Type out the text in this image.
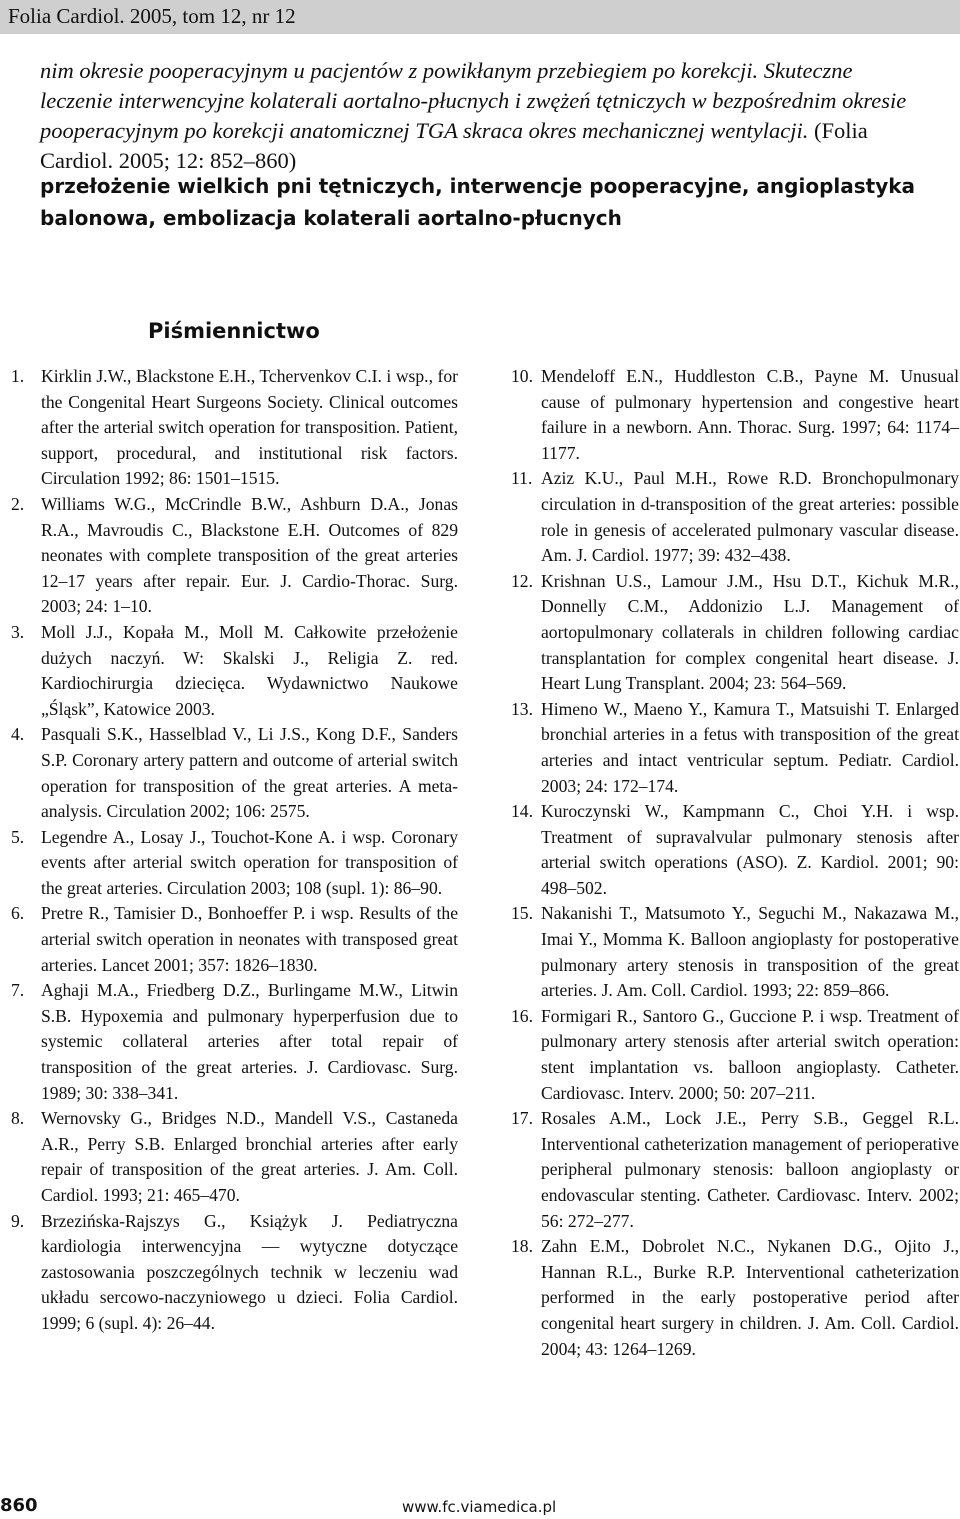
Folia Cardiol. 2005, tom 12, nr 12
nim okresie pooperacyjnym u pacjentów z powikłanym przebiegiem po korekcji. Skuteczne leczenie interwencyjne kolaterali aortalno-płucnych i zwężeń tętniczych w bezpośrednim okresie pooperacyjnym po korekcji anatomicznej TGA skraca okres mechanicznej wentylacji. (Folia Cardiol. 2005; 12: 852–860)
przełożenie wielkich pni tętniczych, interwencje pooperacyjne, angioplastyka balonowa, embolizacja kolaterali aortalno-płucnych
Piśmiennictwo
1. Kirklin J.W., Blackstone E.H., Tchervenkov C.I. i wsp., for the Congenital Heart Surgeons Society. Clinical outcomes after the arterial switch operation for transposition. Patient, support, procedural, and institutional risk factors. Circulation 1992; 86: 1501–1515.
2. Williams W.G., McCrindle B.W., Ashburn D.A., Jonas R.A., Mavroudis C., Blackstone E.H. Outcomes of 829 neonates with complete transposition of the great arteries 12–17 years after repair. Eur. J. Cardio-Thorac. Surg. 2003; 24: 1–10.
3. Moll J.J., Kopała M., Moll M. Całkowite przełożenie dużych naczyń. W: Skalski J., Religia Z. red. Kardiochirurgia dziecięca. Wydawnictwo Naukowe „Śląsk”, Katowice 2003.
4. Pasquali S.K., Hasselblad V., Li J.S., Kong D.F., Sanders S.P. Coronary artery pattern and outcome of arterial switch operation for transposition of the great arteries. A meta-analysis. Circulation 2002; 106: 2575.
5. Legendre A., Losay J., Touchot-Kone A. i wsp. Coronary events after arterial switch operation for transposition of the great arteries. Circulation 2003; 108 (supl. 1): 86–90.
6. Pretre R., Tamisier D., Bonhoeffer P. i wsp. Results of the arterial switch operation in neonates with transposed great arteries. Lancet 2001; 357: 1826–1830.
7. Aghaji M.A., Friedberg D.Z., Burlingame M.W., Litwin S.B. Hypoxemia and pulmonary hyperperfusion due to systemic collateral arteries after total repair of transposition of the great arteries. J. Cardiovasc. Surg. 1989; 30: 338–341.
8. Wernovsky G., Bridges N.D., Mandell V.S., Castaneda A.R., Perry S.B. Enlarged bronchial arteries after early repair of transposition of the great arteries. J. Am. Coll. Cardiol. 1993; 21: 465–470.
9. Brzezińska-Rajszys G., Książyk J. Pediatryczna kardiologia interwencyjna — wytyczne dotyczące zastosowania poszczególnych technik w leczeniu wad układu sercowo-naczyniowego u dzieci. Folia Cardiol. 1999; 6 (supl. 4): 26–44.
10. Mendeloff E.N., Huddleston C.B., Payne M. Unusual cause of pulmonary hypertension and congestive heart failure in a newborn. Ann. Thorac. Surg. 1997; 64: 1174–1177.
11. Aziz K.U., Paul M.H., Rowe R.D. Bronchopulmonary circulation in d-transposition of the great arteries: possible role in genesis of accelerated pulmonary vascular disease. Am. J. Cardiol. 1977; 39: 432–438.
12. Krishnan U.S., Lamour J.M., Hsu D.T., Kichuk M.R., Donnelly C.M., Addonizio L.J. Management of aortopulmonary collaterals in children following cardiac transplantation for complex congenital heart disease. J. Heart Lung Transplant. 2004; 23: 564–569.
13. Himeno W., Maeno Y., Kamura T., Matsuishi T. Enlarged bronchial arteries in a fetus with transposition of the great arteries and intact ventricular septum. Pediatr. Cardiol. 2003; 24: 172–174.
14. Kuroczynski W., Kampmann C., Choi Y.H. i wsp. Treatment of supravalvular pulmonary stenosis after arterial switch operations (ASO). Z. Kardiol. 2001; 90: 498–502.
15. Nakanishi T., Matsumoto Y., Seguchi M., Nakazawa M., Imai Y., Momma K. Balloon angioplasty for postoperative pulmonary artery stenosis in transposition of the great arteries. J. Am. Coll. Cardiol. 1993; 22: 859–866.
16. Formigari R., Santoro G., Guccione P. i wsp. Treatment of pulmonary artery stenosis after arterial switch operation: stent implantation vs. balloon angioplasty. Catheter. Cardiovasc. Interv. 2000; 50: 207–211.
17. Rosales A.M., Lock J.E., Perry S.B., Geggel R.L. Interventional catheterization management of perioperative peripheral pulmonary stenosis: balloon angioplasty or endovascular stenting. Catheter. Cardiovasc. Interv. 2002; 56: 272–277.
18. Zahn E.M., Dobrolet N.C., Nykanen D.G., Ojito J., Hannan R.L., Burke R.P. Interventional catheterization performed in the early postoperative period after congenital heart surgery in children. J. Am. Coll. Cardiol. 2004; 43: 1264–1269.
860	www.fc.viamedica.pl
